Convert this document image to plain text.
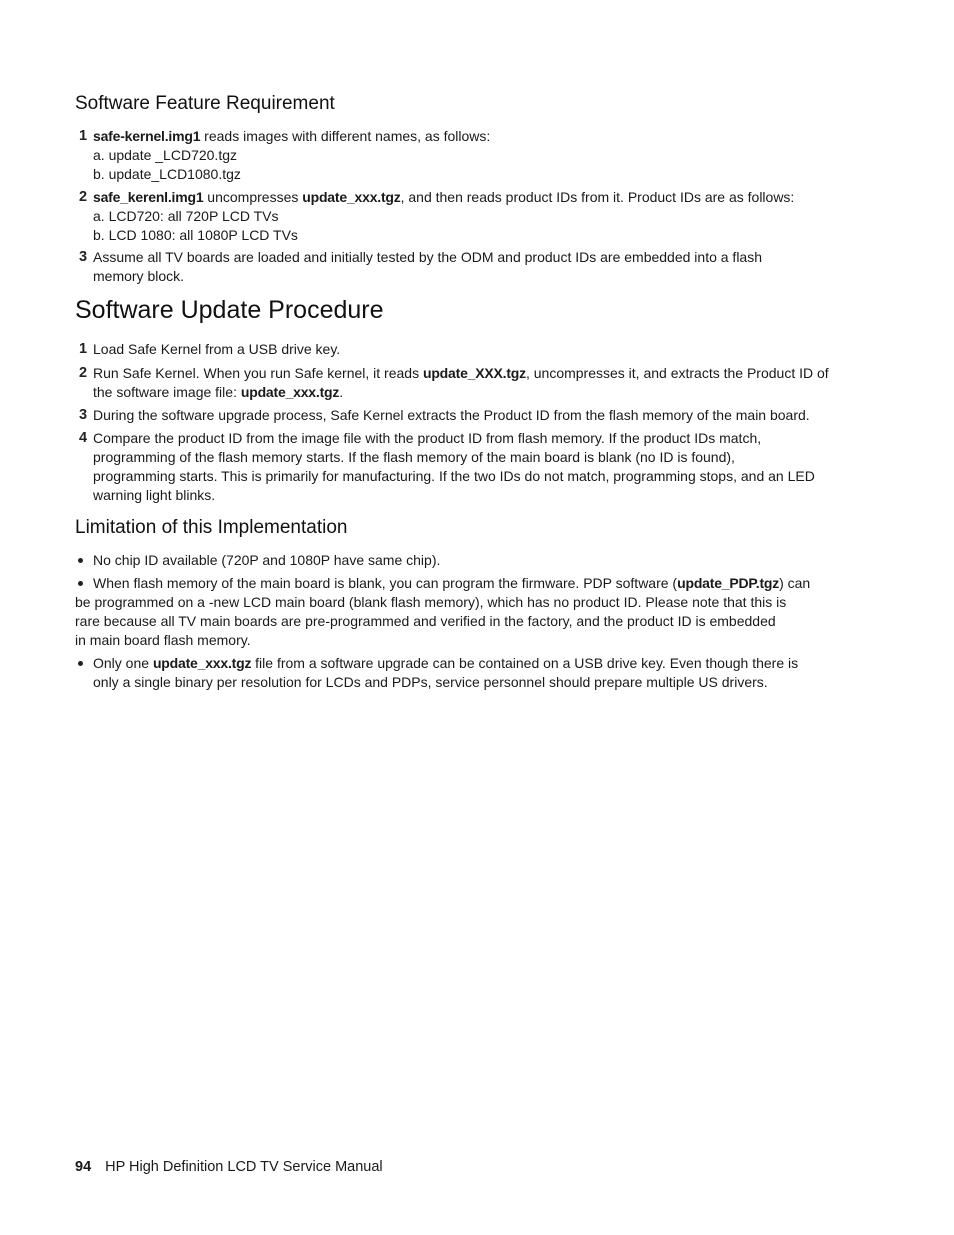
Software Feature Requirement
1 safe-kernel.img1 reads images with different names, as follows:
a. update _LCD720.tgz
b. update_LCD1080.tgz
2 safe_kerenl.img1 uncompresses update_xxx.tgz, and then reads product IDs from it. Product IDs are as follows:
a. LCD720: all 720P LCD TVs
b. LCD 1080: all 1080P LCD TVs
3 Assume all TV boards are loaded and initially tested by the ODM and product IDs are embedded into a flash
memory block.
Software Update Procedure
1 Load Safe Kernel from a USB drive key.
2 Run Safe Kernel. When you run Safe kernel, it reads update_XXX.tgz, uncompresses it, and extracts the Product ID of
the software image file: update_xxx.tgz.
3 During the software upgrade process, Safe Kernel extracts the Product ID from the flash memory of the main board.
4 Compare the product ID from the image file with the product ID from flash memory. If the product IDs match,
programming of the flash memory starts. If the flash memory of the main board is blank (no ID is found),
programming starts. This is primarily for manufacturing. If the two IDs do not match, programming stops, and an LED
warning light blinks.
Limitation of this Implementation
No chip ID available (720P and 1080P have same chip).
When flash memory of the main board is blank, you can program the firmware. PDP software (update_PDP.tgz) can
be programmed on a -new LCD main board (blank flash memory), which has no product ID. Please note that this is
rare because all TV main boards are pre-programmed and verified in the factory, and the product ID is embedded
in main board flash memory.
Only one update_xxx.tgz file from a software upgrade can be contained on a USB drive key. Even though there is
only a single binary per resolution for LCDs and PDPs, service personnel should prepare multiple US drivers.
94 HP High Definition LCD TV Service Manual
